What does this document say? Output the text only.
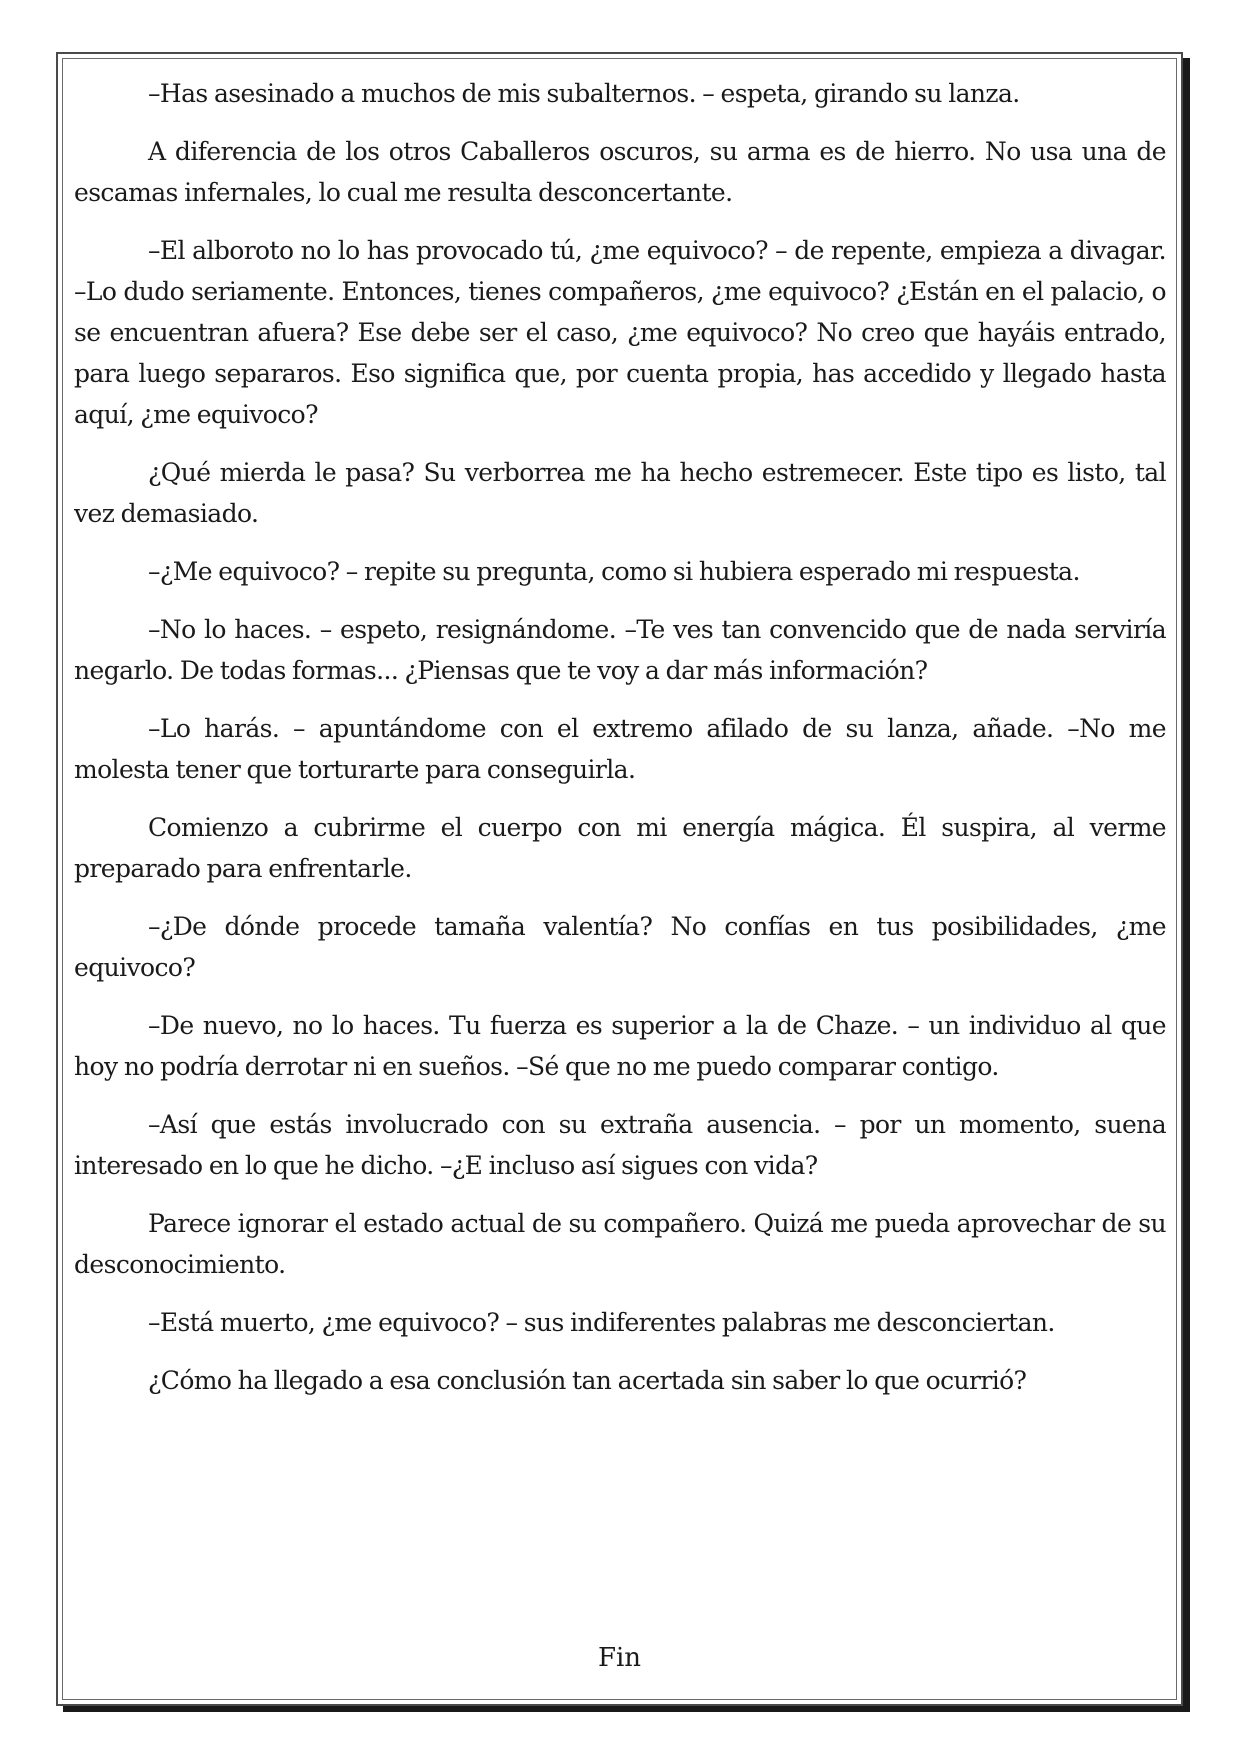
–Has asesinado a muchos de mis subalternos. – espeta, girando su lanza.

A diferencia de los otros Caballeros oscuros, su arma es de hierro. No usa una de escamas infernales, lo cual me resulta desconcertante.

–El alboroto no lo has provocado tú, ¿me equivoco? – de repente, empieza a divagar. –Lo dudo seriamente. Entonces, tienes compañeros, ¿me equivoco? ¿Están en el palacio, o se encuentran afuera? Ese debe ser el caso, ¿me equivoco? No creo que hayáis entrado, para luego separaros. Eso significa que, por cuenta propia, has accedido y llegado hasta aquí, ¿me equivoco?

¿Qué mierda le pasa? Su verborrea me ha hecho estremecer. Este tipo es listo, tal vez demasiado.

–¿Me equivoco? – repite su pregunta, como si hubiera esperado mi respuesta.

–No lo haces. – espeto, resignándome. –Te ves tan convencido que de nada serviría negarlo. De todas formas... ¿Piensas que te voy a dar más información?

–Lo harás. – apuntándome con el extremo afilado de su lanza, añade. –No me molesta tener que torturarte para conseguirla.

Comienzo a cubrirme el cuerpo con mi energía mágica. Él suspira, al verme preparado para enfrentarle.

–¿De dónde procede tamaña valentía? No confías en tus posibilidades, ¿me equivoco?

–De nuevo, no lo haces. Tu fuerza es superior a la de Chaze. – un individuo al que hoy no podría derrotar ni en sueños. –Sé que no me puedo comparar contigo.

–Así que estás involucrado con su extraña ausencia. – por un momento, suena interesado en lo que he dicho. –¿E incluso así sigues con vida?

Parece ignorar el estado actual de su compañero. Quizá me pueda aprovechar de su desconocimiento.

–Está muerto, ¿me equivoco? – sus indiferentes palabras me desconciertan.

¿Cómo ha llegado a esa conclusión tan acertada sin saber lo que ocurrió?

Fin
